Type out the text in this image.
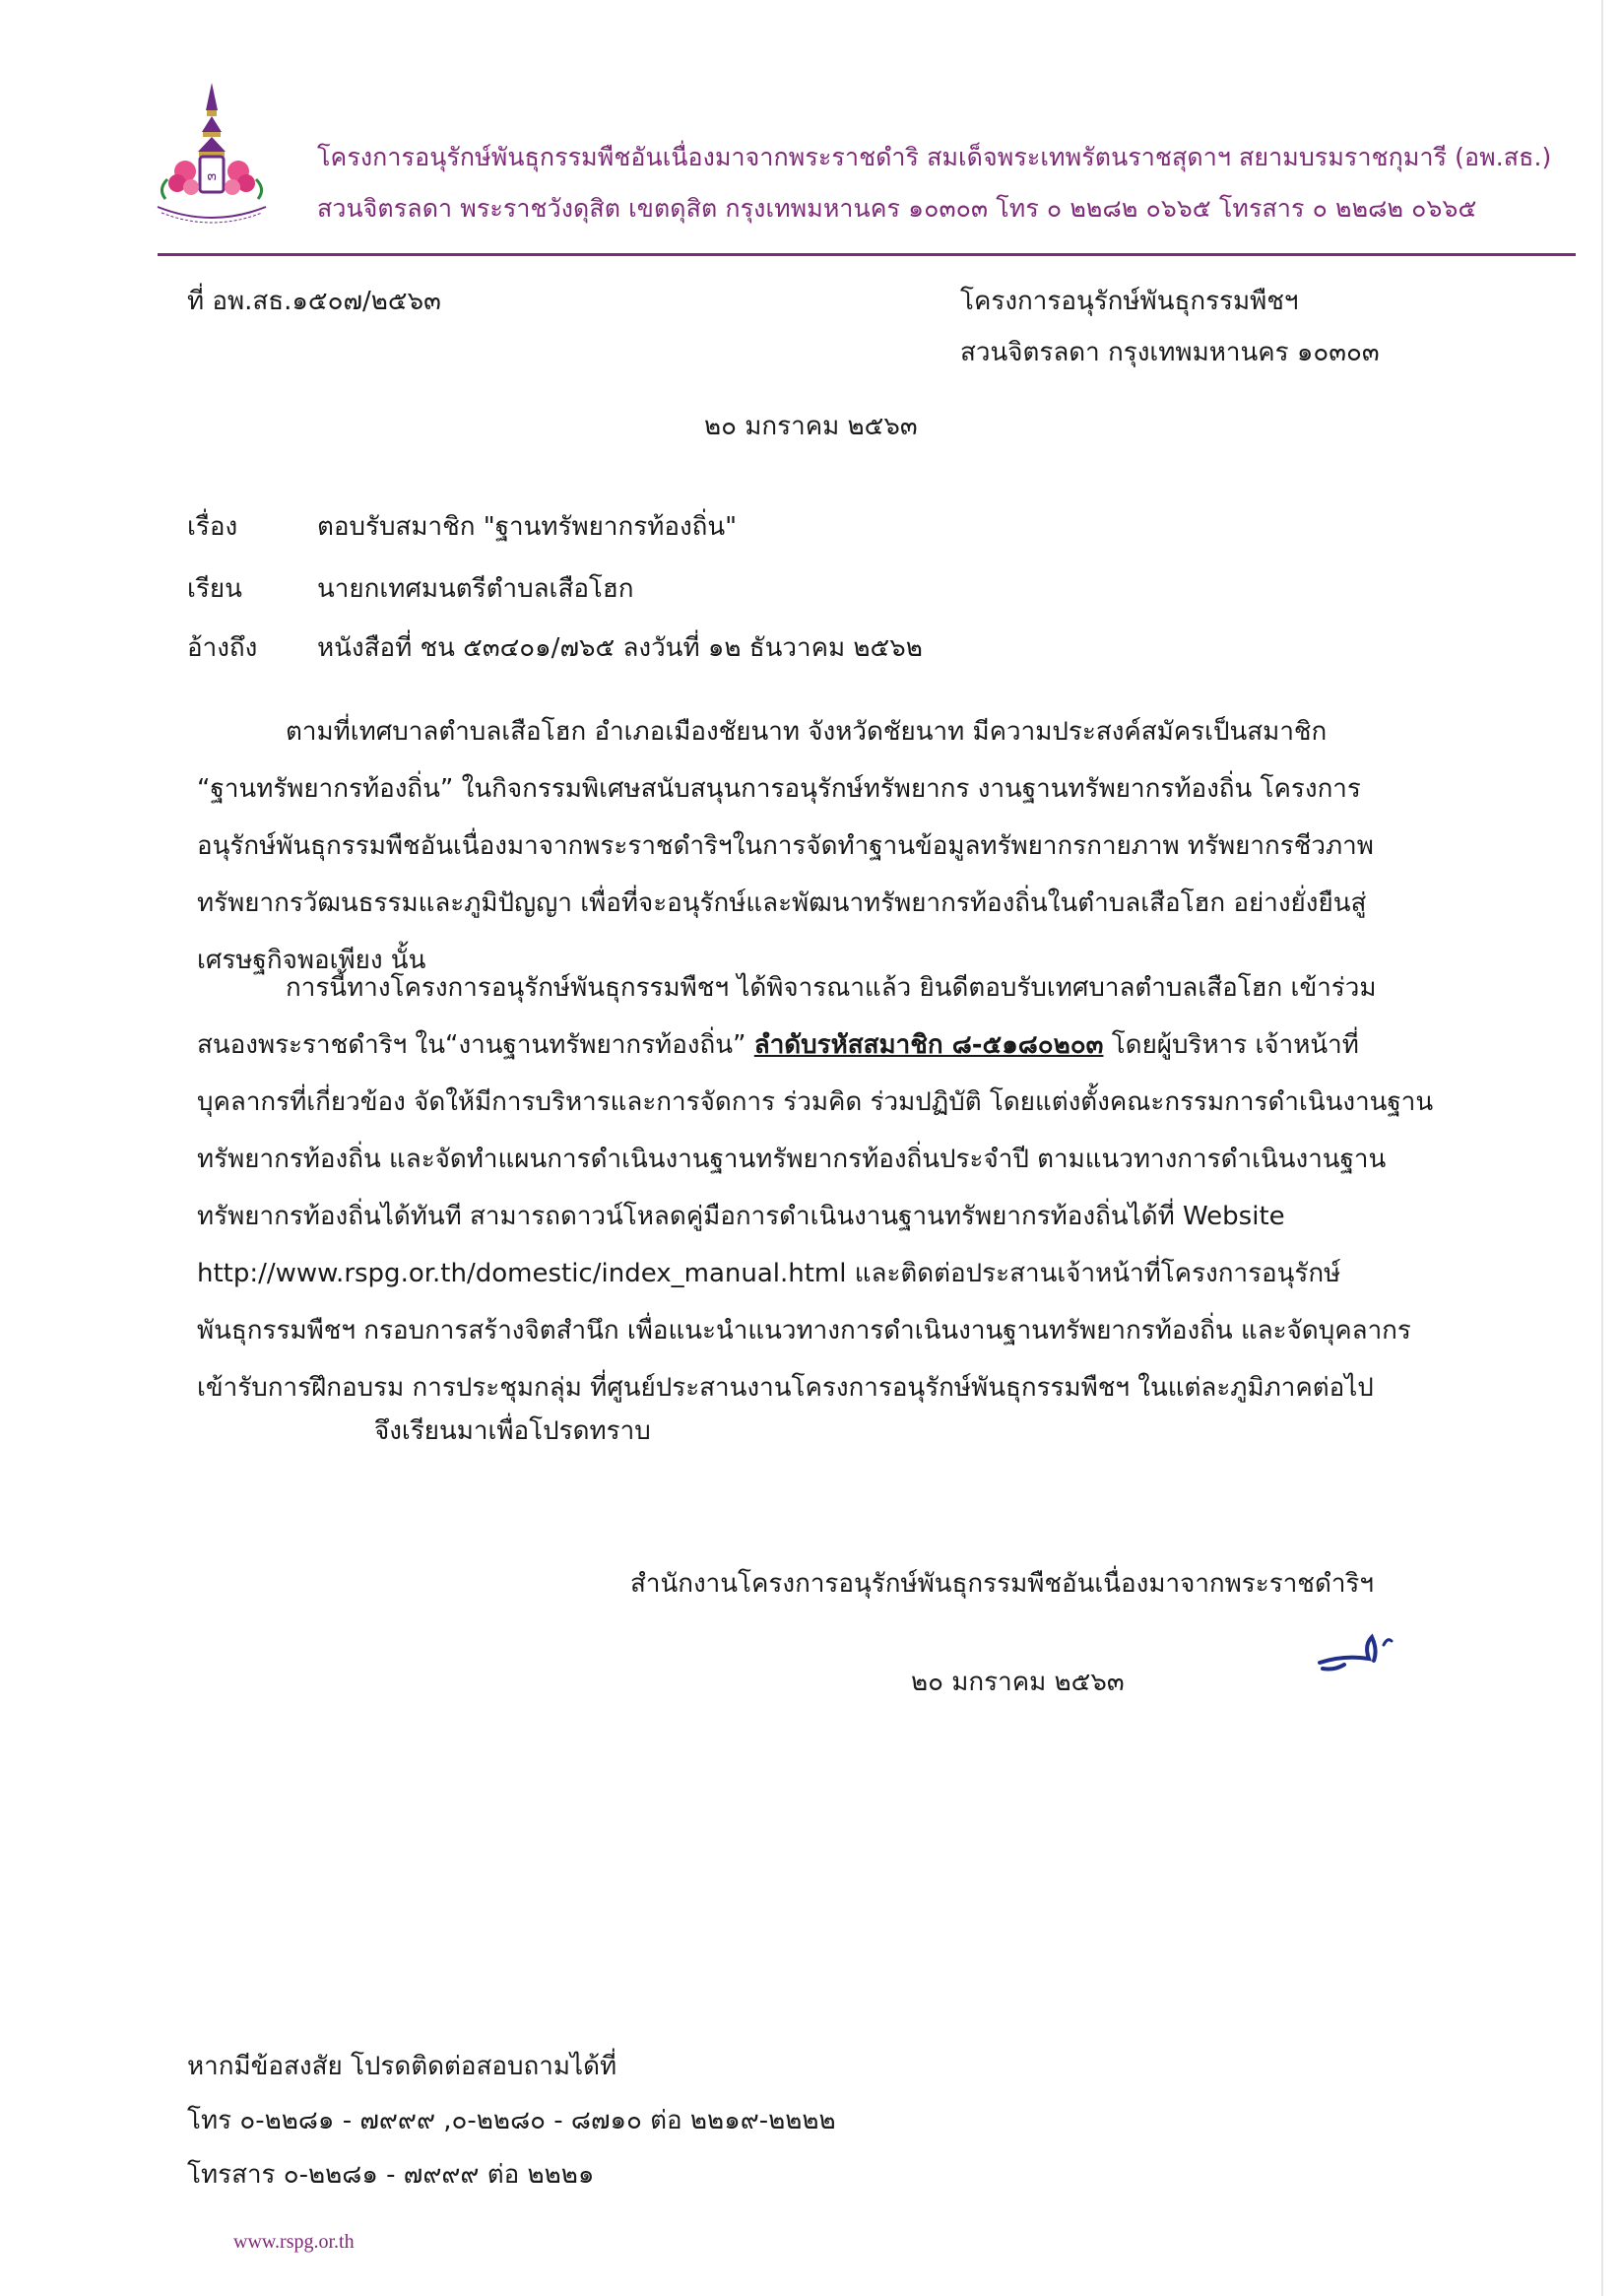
๓
โครงการอนุรักษ์พันธุกรรมพืชอันเนื่องมาจากพระราชดำริ สมเด็จพระเทพรัตนราชสุดาฯ สยามบรมราชกุมารี (อพ.สธ.)
สวนจิตรลดา พระราชวังดุสิต เขตดุสิต กรุงเทพมหานคร ๑๐๓๐๓ โทร ๐ ๒๒๘๒ ๐๖๖๕ โทรสาร ๐ ๒๒๘๒ ๐๖๖๕
ที่ อพ.สธ.๑๕๐๗/๒๕๖๓	โครงการอนุรักษ์พันธุกรรมพืชฯ
สวนจิตรลดา กรุงเทพมหานคร ๑๐๓๐๓
๒๐ มกราคม ๒๕๖๓
เรื่อง	ตอบรับสมาชิก "ฐานทรัพยากรท้องถิ่น"
เรียน	นายกเทศมนตรีตำบลเสือโฮก
อ้างถึง หนังสือที่ ชน ๕๓๔๐๑/๗๖๕ ลงวันที่ ๑๒ ธันวาคม ๒๕๖๒
ตามที่เทศบาลตำบลเสือโฮก อำเภอเมืองชัยนาท จังหวัดชัยนาท มีความประสงค์สมัครเป็นสมาชิก
“ฐานทรัพยากรท้องถิ่น” ในกิจกรรมพิเศษสนับสนุนการอนุรักษ์ทรัพยากร งานฐานทรัพยากรท้องถิ่น โครงการ
อนุรักษ์พันธุกรรมพืชอันเนื่องมาจากพระราชดำริฯในการจัดทำฐานข้อมูลทรัพยากรกายภาพ ทรัพยากรชีวภาพ
ทรัพยากรวัฒนธรรมและภูมิปัญญา เพื่อที่จะอนุรักษ์และพัฒนาทรัพยากรท้องถิ่นในตำบลเสือโฮก อย่างยั่งยืนสู่
เศรษฐกิจพอเพียง นั้น
การนี้ทางโครงการอนุรักษ์พันธุกรรมพืชฯ ได้พิจารณาแล้ว ยินดีตอบรับเทศบาลตำบลเสือโฮก เข้าร่วม
สนองพระราชดำริฯ ใน“งานฐานทรัพยากรท้องถิ่น” ลำดับรหัสสมาชิก ๘-๕๑๘๐๒๐๓ โดยผู้บริหาร เจ้าหน้าที่
บุคลากรที่เกี่ยวข้อง จัดให้มีการบริหารและการจัดการ ร่วมคิด ร่วมปฏิบัติ โดยแต่งตั้งคณะกรรมการดำเนินงานฐาน
ทรัพยากรท้องถิ่น และจัดทำแผนการดำเนินงานฐานทรัพยากรท้องถิ่นประจำปี ตามแนวทางการดำเนินงานฐาน
ทรัพยากรท้องถิ่นได้ทันที สามารถดาวน์โหลดคู่มือการดำเนินงานฐานทรัพยากรท้องถิ่นได้ที่ Website
http://www.rspg.or.th/domestic/index_manual.html และติดต่อประสานเจ้าหน้าที่โครงการอนุรักษ์
พันธุกรรมพืชฯ กรอบการสร้างจิตสำนึก เพื่อแนะนำแนวทางการดำเนินงานฐานทรัพยากรท้องถิ่น และจัดบุคลากร
เข้ารับการฝึกอบรม การประชุมกลุ่ม ที่ศูนย์ประสานงานโครงการอนุรักษ์พันธุกรรมพืชฯ ในแต่ละภูมิภาคต่อไป
จึงเรียนมาเพื่อโปรดทราบ
สำนักงานโครงการอนุรักษ์พันธุกรรมพืชอันเนื่องมาจากพระราชดำริฯ
๒๐ มกราคม ๒๕๖๓
หากมีข้อสงสัย โปรดติดต่อสอบถามได้ที่
โทร ๐-๒๒๘๑ - ๗๙๙๙ ,๐-๒๒๘๐ - ๘๗๑๐ ต่อ ๒๒๑๙-๒๒๒๒
โทรสาร ๐-๒๒๘๑ - ๗๙๙๙ ต่อ ๒๒๒๑
www.rspg.or.th
